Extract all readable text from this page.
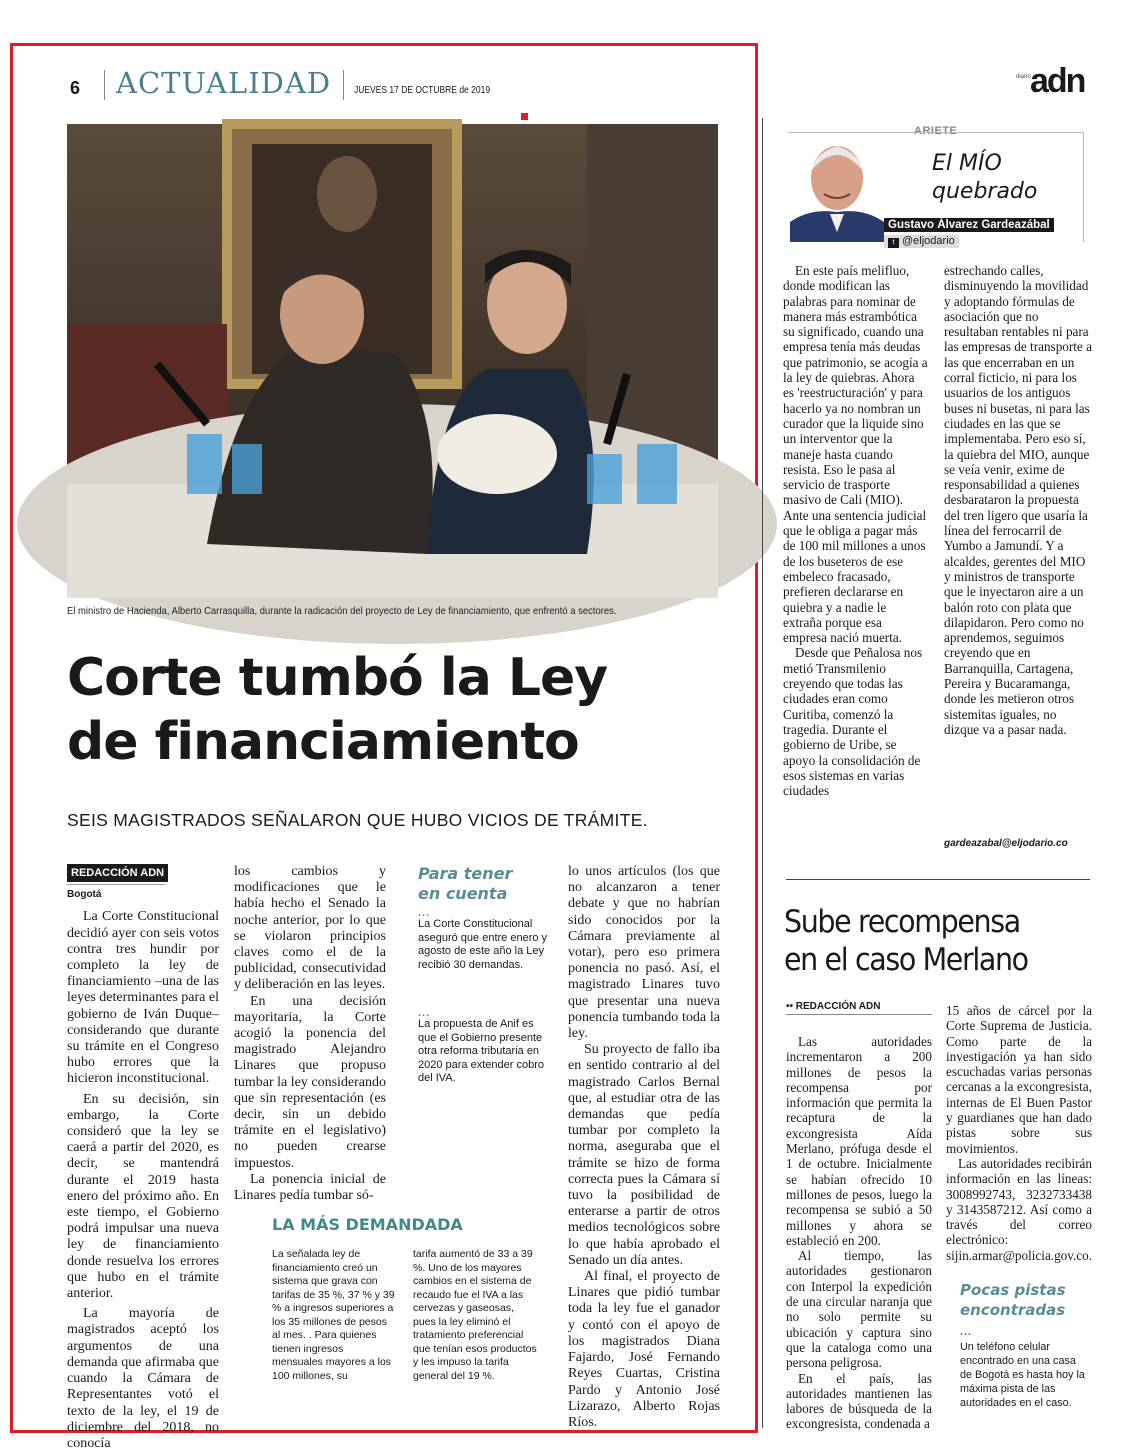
6 ACTUALIDAD JUEVES 17 DE OCTUBRE de 2019
diario adn
El ministro de Hacienda, Alberto Carrasquilla, durante la radicación del proyecto de Ley de financiamiento, que enfrentó a sectores.
Corte tumbó la Ley
de financiamiento
SEIS MAGISTRADOS SEÑALARON QUE HUBO VICIOS DE TRÁMITE.
REDACCIÓN ADN
Bogotá

La Corte Constitucional decidió ayer con seis votos contra tres hundir por completo la ley de financiamiento –una de las leyes determinantes para el gobierno de Iván Duque– considerando que durante su trámite en el Congreso hubo errores que la hicieron inconstitucional.

En su decisión, sin embargo, la Corte consideró que la ley se caerá a partir del 2020, es decir, se mantendrá durante el 2019 hasta enero del próximo año. En este tiempo, el Gobierno podrá impulsar una nueva ley de financiamiento donde resuelva los errores que hubo en el trámite anterior.

La mayoría de magistrados aceptó los argumentos de una demanda que afirmaba que cuando la Cámara de Representantes votó el texto de la ley, el 19 de diciembre del 2018, no conocía

los cambios y modificaciones que le había hecho el Senado la noche anterior, por lo que se violaron principios claves como el de la publicidad, consecutividad y deliberación en las leyes.

En una decisión mayoritaria, la Corte acogió la ponencia del magistrado Alejandro Linares que propuso tumbar la ley considerando que sin representación (es decir, sin un debido trámite en el legislativo) no pueden crearse impuestos.

La ponencia inicial de Linares pedía tumbar só-

Para tener
en cuenta
...
La Corte Constitucional aseguró que entre enero y agosto de este año la Ley recibió 30 demandas.
...
La propuesta de Anif es que el Gobierno presente otra reforma tributaria en 2020 para extender cobro del IVA.

lo unos artículos (los que no alcanzaron a tener debate y que no habrían sido conocidos por la Cámara previamente al votar), pero eso primera ponencia no pasó. Así, el magistrado Linares tuvo que presentar una nueva ponencia tumbando toda la ley.

Su proyecto de fallo iba en sentido contrario al del magistrado Carlos Bernal que, al estudiar otra de las demandas que pedía tumbar por completo la norma, aseguraba que el trámite se hizo de forma correcta pues la Cámara sí tuvo la posibilidad de enterarse a partir de otros medios tecnológicos sobre lo que había aprobado el Senado un día antes.

Al final, el proyecto de Linares que pidió tumbar toda la ley fue el ganador y contó con el apoyo de los magistrados Diana Fajardo, José Fernando Reyes Cuartas, Cristina Pardo y Antonio José Lizarazo, Alberto Rojas Ríos.

LA MÁS DEMANDADA
La señalada ley de financiamiento creó un sistema que grava con tarifas de 35 %, 37 % y 39 % a ingresos superiores a los 35 millones de pesos al mes. . Para quienes tienen ingresos mensuales mayores a los 100 millones, su
tarifa aumentó de 33 a 39 %. Uno de los mayores cambios en el sistema de recaudo fue el IVA a las cervezas y gaseosas, pues la ley eliminó el tratamiento preferencial que tenían esos productos y les impuso la tarifa general del 19 %.
ARIETE
El MÍO
quebrado
Gustavo Álvarez Gardeazábal
t @eljodario

En este país melifluo, donde modifican las palabras para nominar de manera más estrambótica su significado, cuando una empresa tenía más deudas que patrimonio, se acogía a la ley de quiebras. Ahora es 'reestructuración' y para hacerlo ya no nombran un curador que la liquide sino un interventor que la maneje hasta cuando resista. Eso le pasa al servicio de trasporte masivo de Cali (MIO). Ante una sentencia judicial que le obliga a pagar más de 100 mil millones a unos de los buseteros de ese embeleco fracasado, prefieren declararse en quiebra y a nadie le extraña porque esa empresa nació muerta.

Desde que Peñalosa nos metió Transmilenio creyendo que todas las ciudades eran como Curitiba, comenzó la tragedia. Durante el gobierno de Uribe, se apoyo la consolidación de esos sistemas en varias ciudades

estrechando calles, disminuyendo la movilidad y adoptando fórmulas de asociación que no resultaban rentables ni para las empresas de transporte a las que encerraban en un corral ficticio, ni para los usuarios de los antiguos buses ni busetas, ni para las ciudades en las que se implementaba. Pero eso sí, la quiebra del MIO, aunque se veía venir, exime de responsabilidad a quienes desbarataron la propuesta del tren ligero que usaría la línea del ferrocarril de Yumbo a Jamundí. Y a alcaldes, gerentes del MIO y ministros de transporte que le inyectaron aire a un balón roto con plata que dilapidaron. Pero como no aprendemos, seguimos creyendo que en Barranquilla, Cartagena, Pereira y Bucaramanga, donde les metieron otros sistemitas iguales, no dizque va a pasar nada.

gardeazabal@eljodario.co
Sube recompensa
en el caso Merlano
•• REDACCIÓN ADN

Las autoridades incrementaron a 200 millones de pesos la recompensa por información que permita la recaptura de la excongresista Aída Merlano, prófuga desde el 1 de octubre. Inicialmente se habían ofrecido 10 millones de pesos, luego la recompensa se subió a 50 millones y ahora se estableció en 200.

Al tiempo, las autoridades gestionaron con Interpol la expedición de una circular naranja que no solo permite su ubicación y captura sino que la cataloga como una persona peligrosa.

En el país, las autoridades mantienen las labores de búsqueda de la excongresista, condenada a

15 años de cárcel por la Corte Suprema de Justicia. Como parte de la investigación ya han sido escuchadas varias personas cercanas a la excongresista, internas de El Buen Pastor y guardianes que han dado pistas sobre sus movimientos.

Las autoridades recibirán información en las líneas: 3008992743, 3232733438 y 3143587212. Así como a través del correo electrónico: sijin.armar@policia.gov.co.

Pocas pistas
encontradas
...
Un teléfono celular encontrado en una casa de Bogotá es hasta hoy la máxima pista de las autoridades en el caso.
